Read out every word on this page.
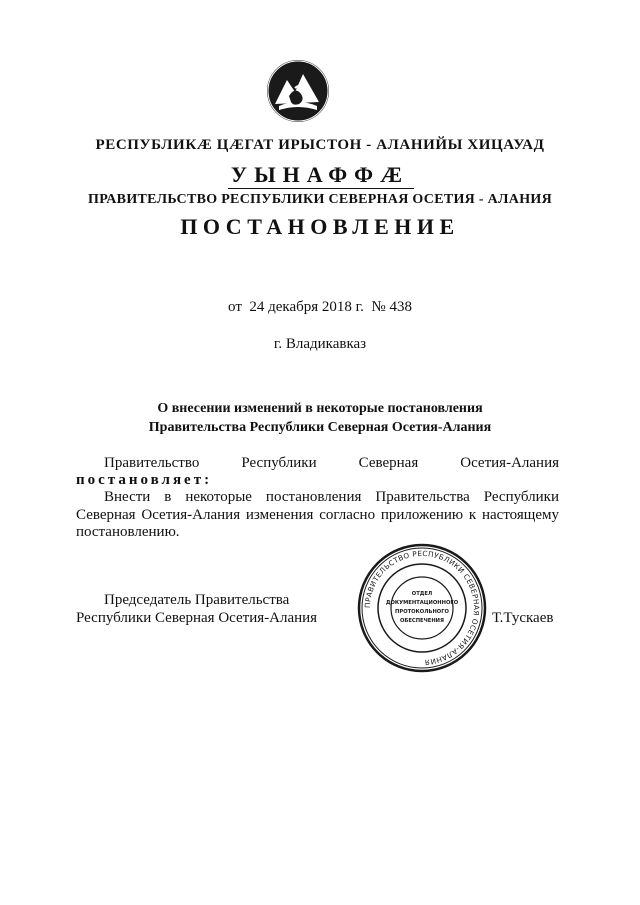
РЕСПУБЛИКӔ ЦӔГАТ ИРЫСТОН - АЛАНИЙЫ ХИЦАУАД
УЫНАФФӔ
ПРАВИТЕЛЬСТВО РЕСПУБЛИКИ СЕВЕРНАЯ ОСЕТИЯ - АЛАНИЯ
ПОСТАНОВЛЕНИЕ
от  24 декабря 2018 г.  № 438
г. Владикавказ
О внесении изменений в некоторые постановления
Правительства Республики Северная Осетия-Алания
Правительство Республики Северная Осетия-Алания
постановляет:
Внести в некоторые постановления Правительства Республики
Северная Осетия-Алания изменения согласно приложению к настоящему
постановлению.
Председатель Правительства
Республики Северная Осетия-Алания	Т.Тускаев
ПРАВИТЕЛЬСТВО РЕСПУБЛИКИ СЕВЕРНАЯ ОСЕТИЯ-АЛАНИЯ
ОТДЕЛ
ДОКУМЕНТАЦИОННОГО
ПРОТОКОЛЬНОГО
ОБЕСПЕЧЕНИЯ
